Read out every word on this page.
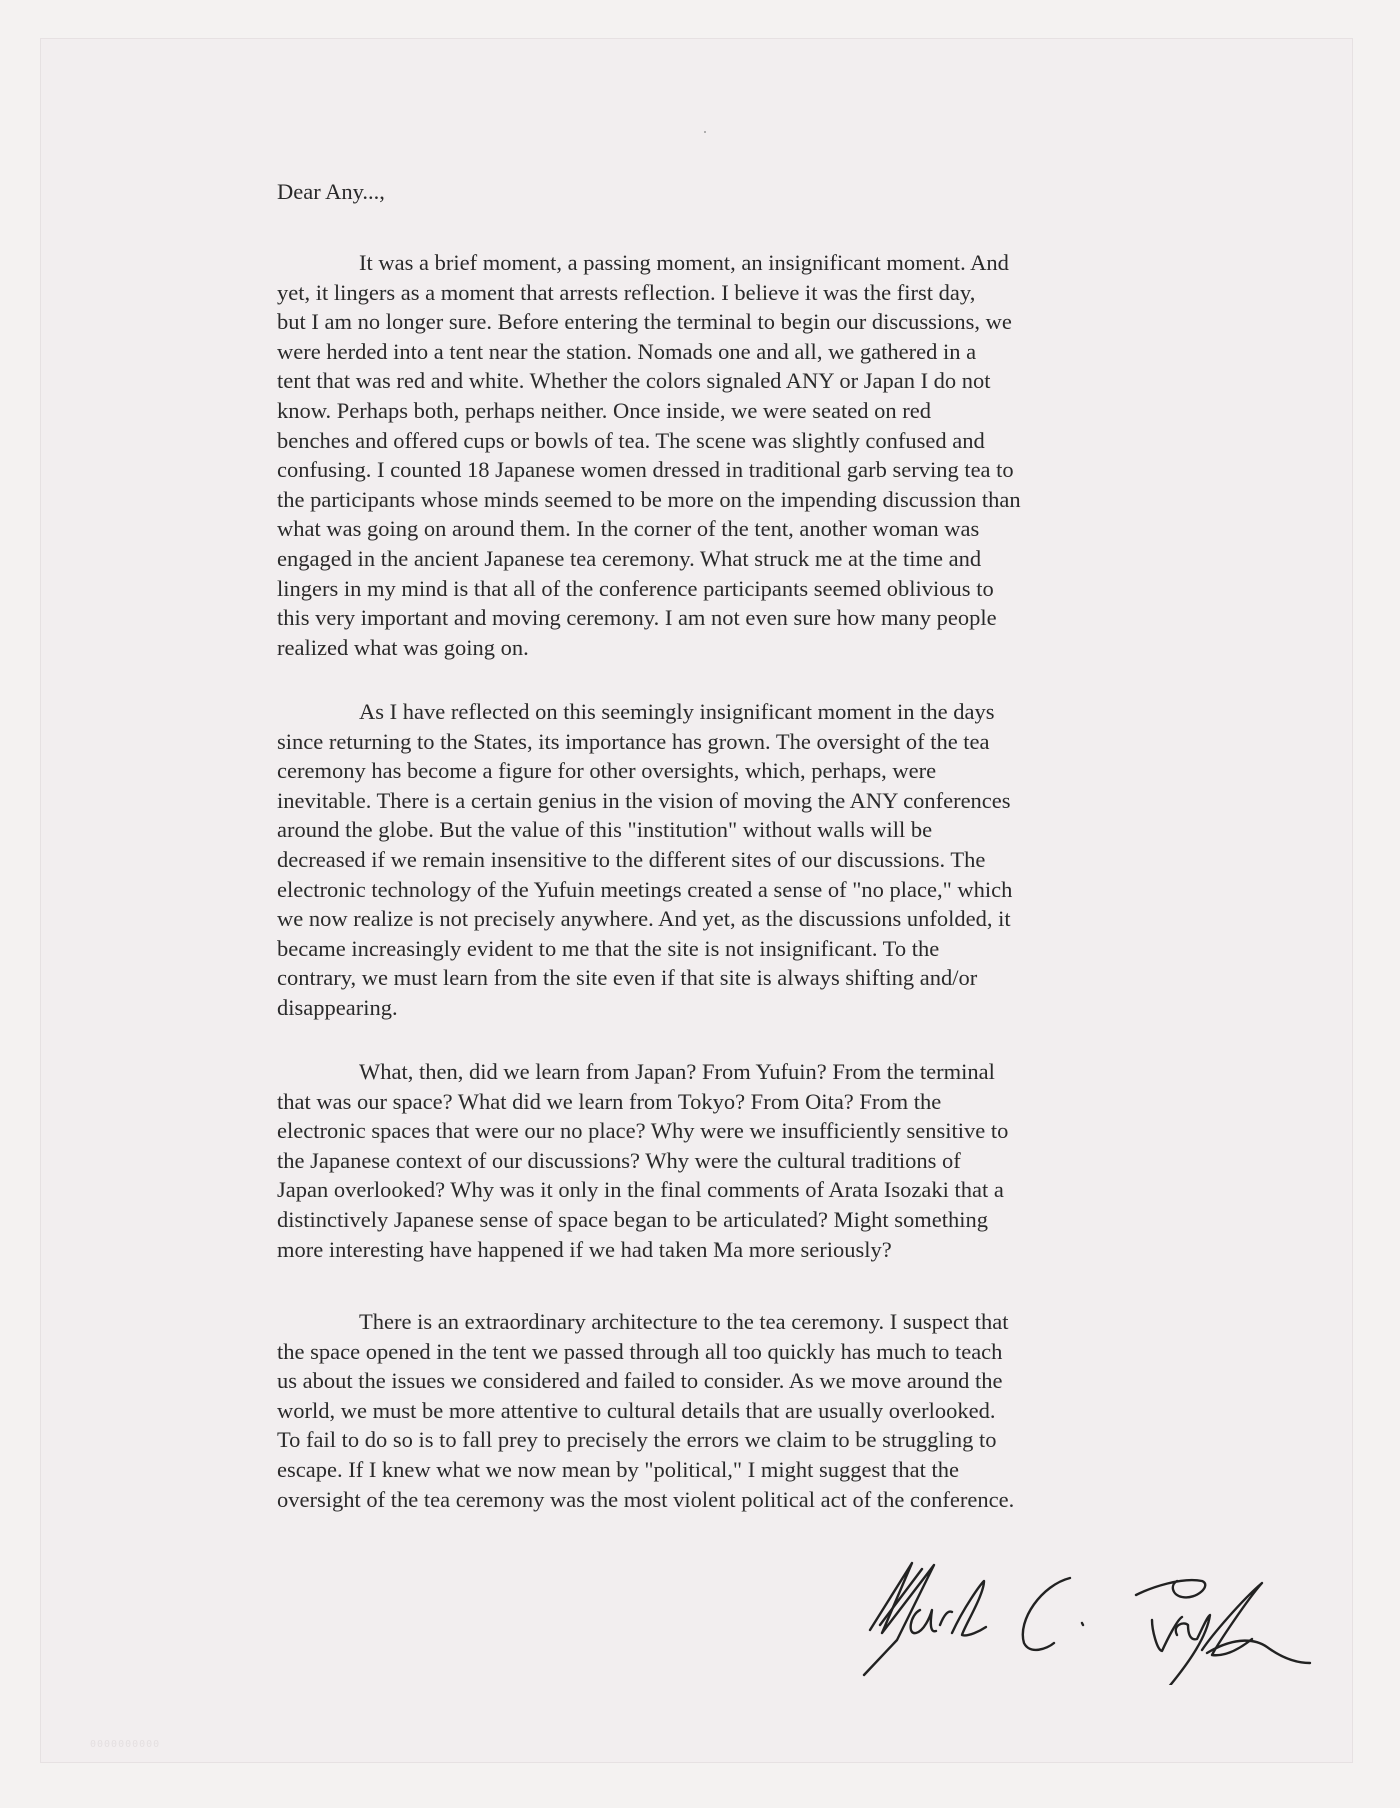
Dear Any...,
It was a brief moment, a passing moment, an insignificant moment. And
yet, it lingers as a moment that arrests reflection. I believe it was the first day,
but I am no longer sure. Before entering the terminal to begin our discussions, we
were herded into a tent near the station. Nomads one and all, we gathered in a
tent that was red and white. Whether the colors signaled ANY or Japan I do not
know. Perhaps both, perhaps neither. Once inside, we were seated on red
benches and offered cups or bowls of tea. The scene was slightly confused and
confusing. I counted 18 Japanese women dressed in traditional garb serving tea to
the participants whose minds seemed to be more on the impending discussion than
what was going on around them. In the corner of the tent, another woman was
engaged in the ancient Japanese tea ceremony. What struck me at the time and
lingers in my mind is that all of the conference participants seemed oblivious to
this very important and moving ceremony. I am not even sure how many people
realized what was going on.
As I have reflected on this seemingly insignificant moment in the days
since returning to the States, its importance has grown. The oversight of the tea
ceremony has become a figure for other oversights, which, perhaps, were
inevitable. There is a certain genius in the vision of moving the ANY conferences
around the globe. But the value of this "institution" without walls will be
decreased if we remain insensitive to the different sites of our discussions. The
electronic technology of the Yufuin meetings created a sense of "no place," which
we now realize is not precisely anywhere. And yet, as the discussions unfolded, it
became increasingly evident to me that the site is not insignificant. To the
contrary, we must learn from the site even if that site is always shifting and/or
disappearing.
What, then, did we learn from Japan? From Yufuin? From the terminal
that was our space? What did we learn from Tokyo? From Oita? From the
electronic spaces that were our no place? Why were we insufficiently sensitive to
the Japanese context of our discussions? Why were the cultural traditions of
Japan overlooked? Why was it only in the final comments of Arata Isozaki that a
distinctively Japanese sense of space began to be articulated? Might something
more interesting have happened if we had taken Ma more seriously?
There is an extraordinary architecture to the tea ceremony. I suspect that
the space opened in the tent we passed through all too quickly has much to teach
us about the issues we considered and failed to consider. As we move around the
world, we must be more attentive to cultural details that are usually overlooked.
To fail to do so is to fall prey to precisely the errors we claim to be struggling to
escape. If I knew what we now mean by "political," I might suggest that the
oversight of the tea ceremony was the most violent political act of the conference.
0000000000
